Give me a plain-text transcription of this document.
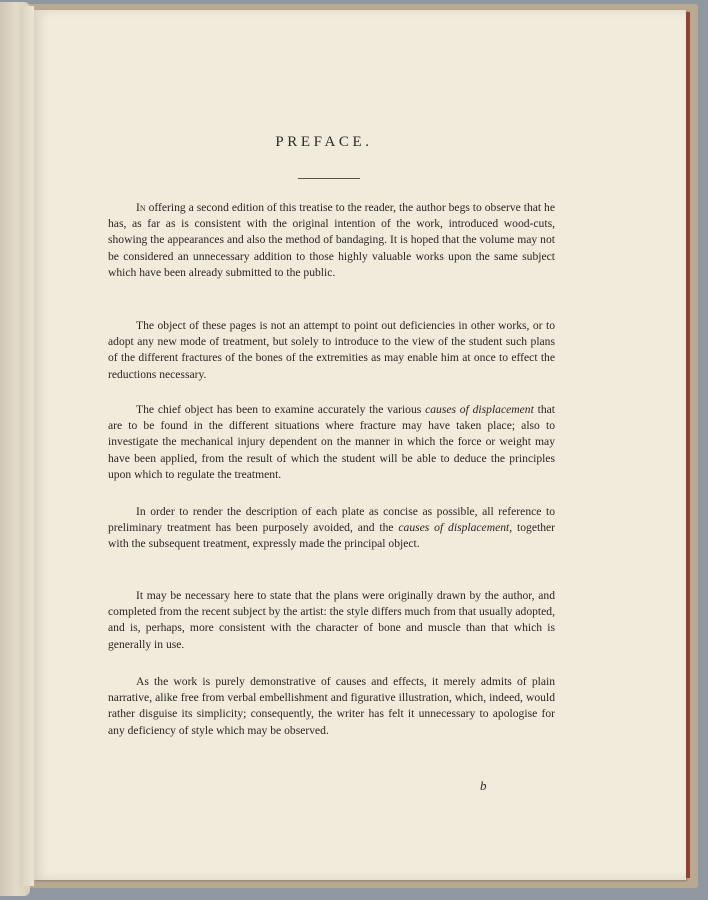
PREFACE.

In offering a second edition of this treatise to the reader, the author begs to observe that he has, as far as is consistent with the original intention of the work, introduced wood-cuts, showing the appearances and also the method of bandaging. It is hoped that the volume may not be considered an unnecessary addition to those highly valuable works upon the same subject which have been already submitted to the public.

The object of these pages is not an attempt to point out deficiencies in other works, or to adopt any new mode of treatment, but solely to introduce to the view of the student such plans of the different fractures of the bones of the extremities as may enable him at once to effect the reductions necessary.

The chief object has been to examine accurately the various causes of displacement that are to be found in the different situations where fracture may have taken place; also to investigate the mechanical injury dependent on the manner in which the force or weight may have been applied, from the result of which the student will be able to deduce the principles upon which to regulate the treatment.

In order to render the description of each plate as concise as possible, all reference to preliminary treatment has been purposely avoided, and the causes of displacement, together with the subsequent treatment, expressly made the principal object.

It may be necessary here to state that the plans were originally drawn by the author, and completed from the recent subject by the artist: the style differs much from that usually adopted, and is, perhaps, more consistent with the character of bone and muscle than that which is generally in use.

As the work is purely demonstrative of causes and effects, it merely admits of plain narrative, alike free from verbal embellishment and figurative illustration, which, indeed, would rather disguise its simplicity; consequently, the writer has felt it unnecessary to apologise for any deficiency of style which may be observed.

b
